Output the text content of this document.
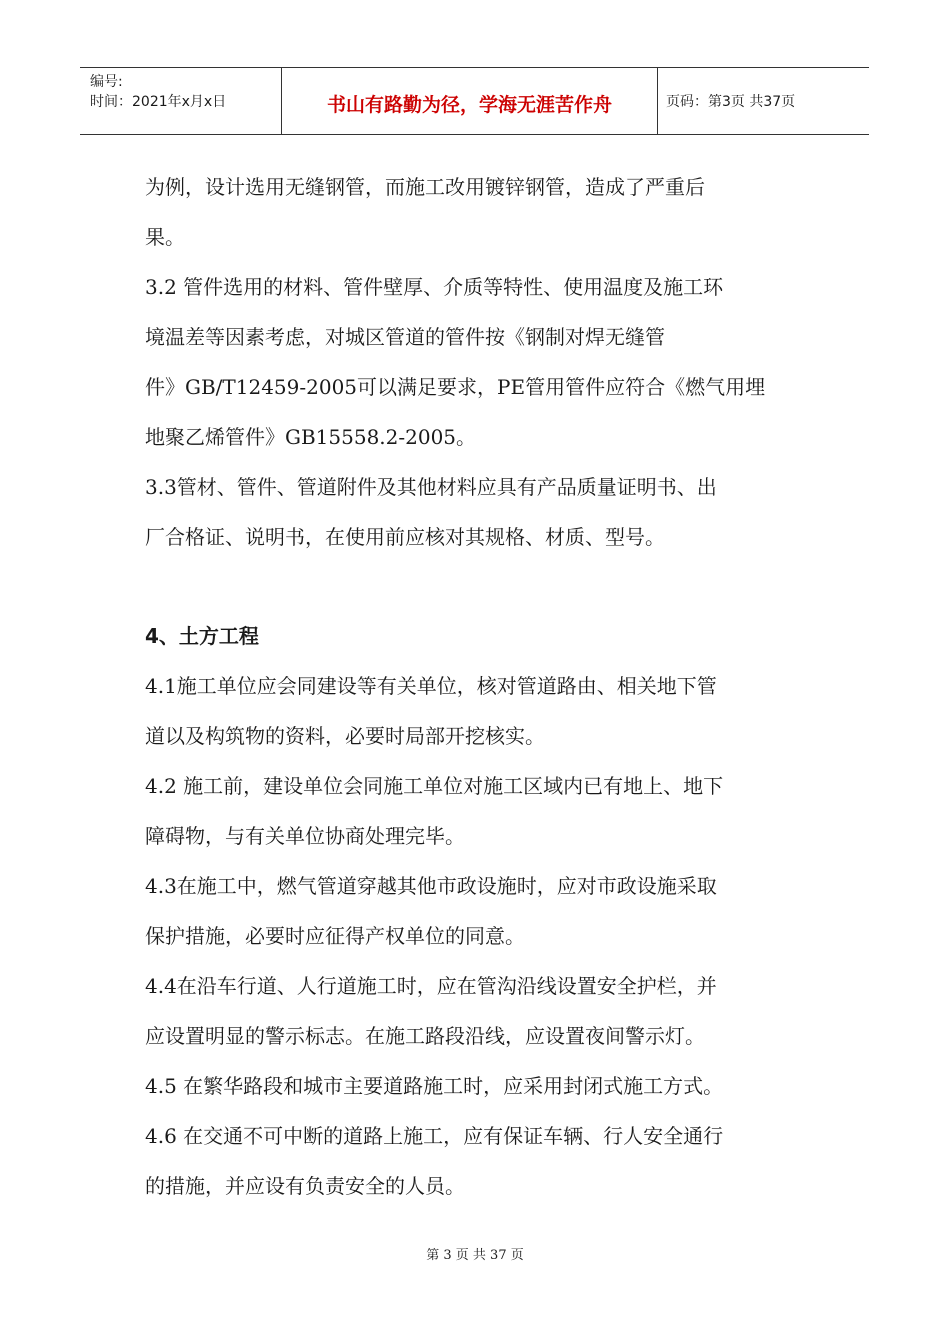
编号:
时间：2021年x月x日	书山有路勤为径，学海无涯苦作舟	页码：第3页 共37页
为例，设计选用无缝钢管，而施工改用镀锌钢管，造成了严重后
果。
3.2 管件选用的材料、管件壁厚、介质等特性、使用温度及施工环
境温差等因素考虑，对城区管道的管件按《钢制对焊无缝管
件》GB/T12459-2005可以满足要求，PE管用管件应符合《燃气用埋
地聚乙烯管件》GB15558.2-2005。
3.3管材、管件、管道附件及其他材料应具有产品质量证明书、出
厂合格证、说明书，在使用前应核对其规格、材质、型号。
4、土方工程
4.1施工单位应会同建设等有关单位，核对管道路由、相关地下管
道以及构筑物的资料，必要时局部开挖核实。
4.2 施工前，建设单位会同施工单位对施工区域内已有地上、地下
障碍物，与有关单位协商处理完毕。
4.3在施工中，燃气管道穿越其他市政设施时，应对市政设施采取
保护措施，必要时应征得产权单位的同意。
4.4在沿车行道、人行道施工时，应在管沟沿线设置安全护栏，并
应设置明显的警示标志。在施工路段沿线，应设置夜间警示灯。
4.5 在繁华路段和城市主要道路施工时，应采用封闭式施工方式。
4.6 在交通不可中断的道路上施工，应有保证车辆、行人安全通行
的措施，并应设有负责安全的人员。
第 3 页 共 37 页
